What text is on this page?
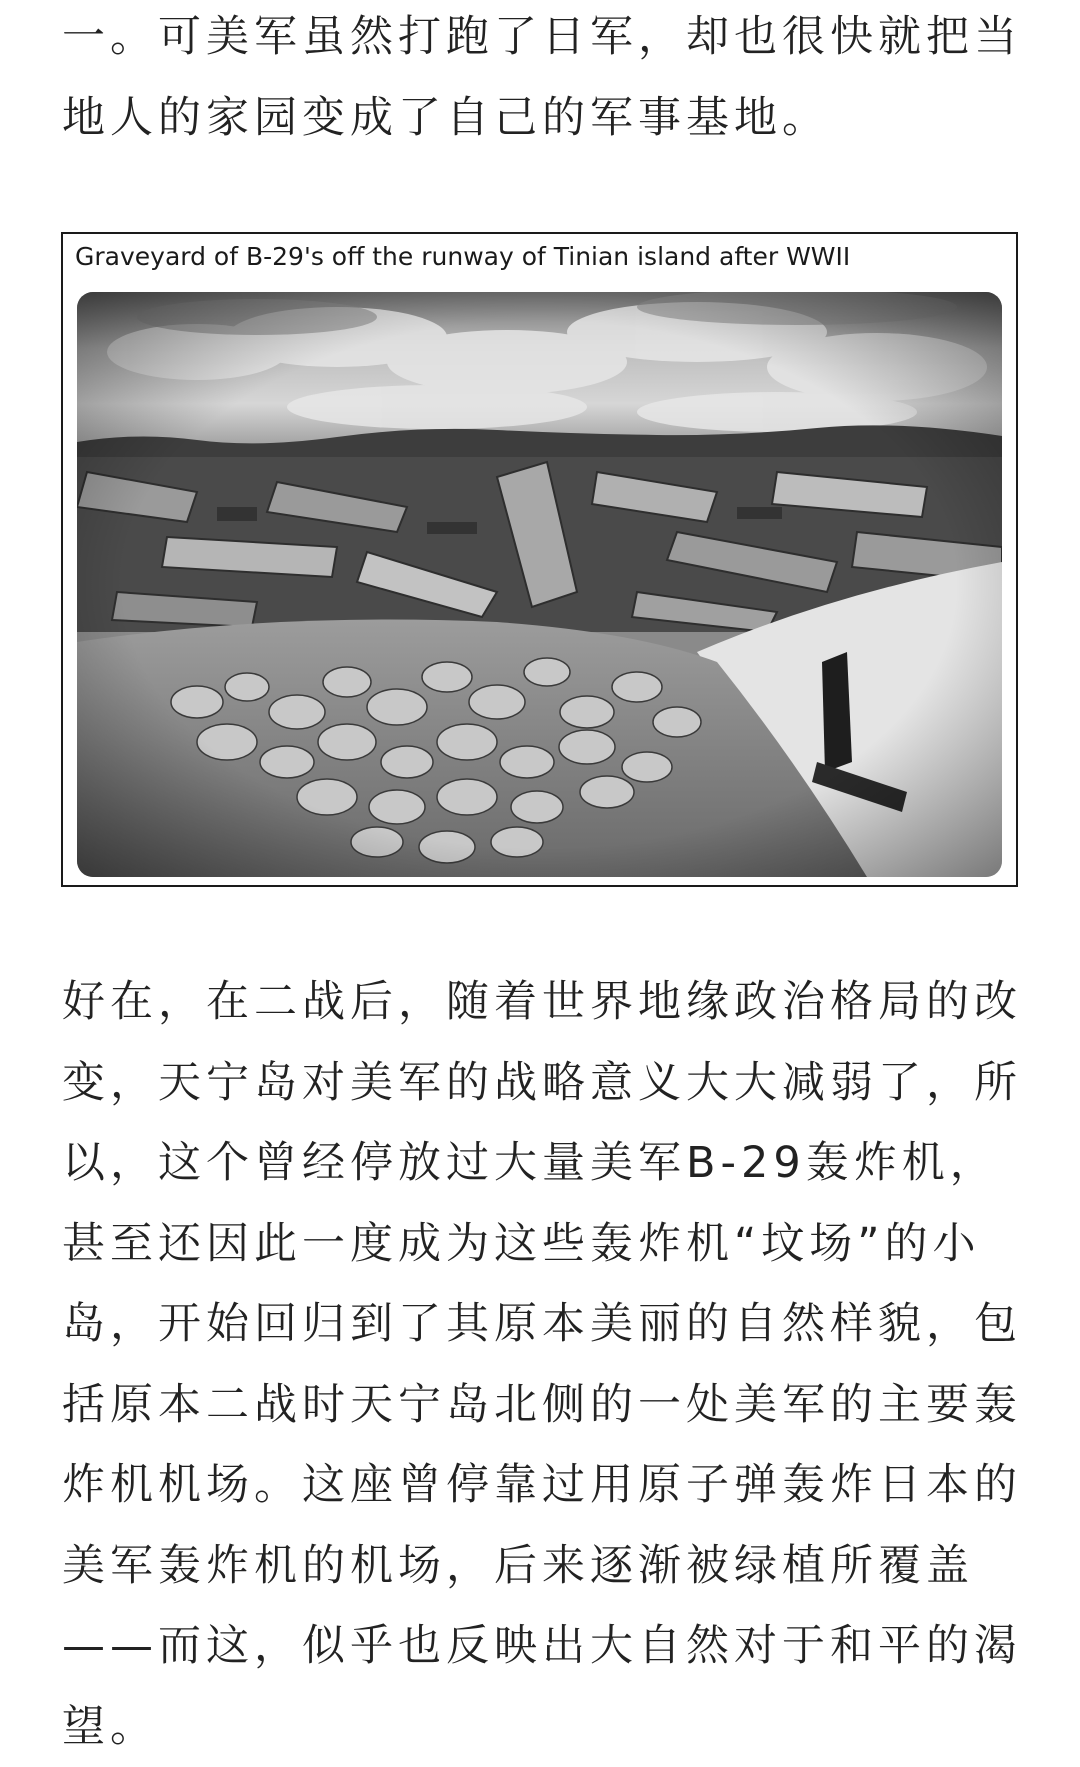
一。可美军虽然打跑了日军，却也很快就把当地人的家园变成了自己的军事基地。

Graveyard of B-29's off the runway of Tinian island after WWII

好在，在二战后，随着世界地缘政治格局的改变，天宁岛对美军的战略意义大大减弱了，所以，这个曾经停放过大量美军B-29轰炸机，甚至还因此一度成为这些轰炸机“坟场”的小岛，开始回归到了其原本美丽的自然样貌，包括原本二战时天宁岛北侧的一处美军的主要轰炸机机场。这座曾停靠过用原子弹轰炸日本的美军轰炸机的机场，后来逐渐被绿植所覆盖——而这，似乎也反映出大自然对于和平的渴望。
